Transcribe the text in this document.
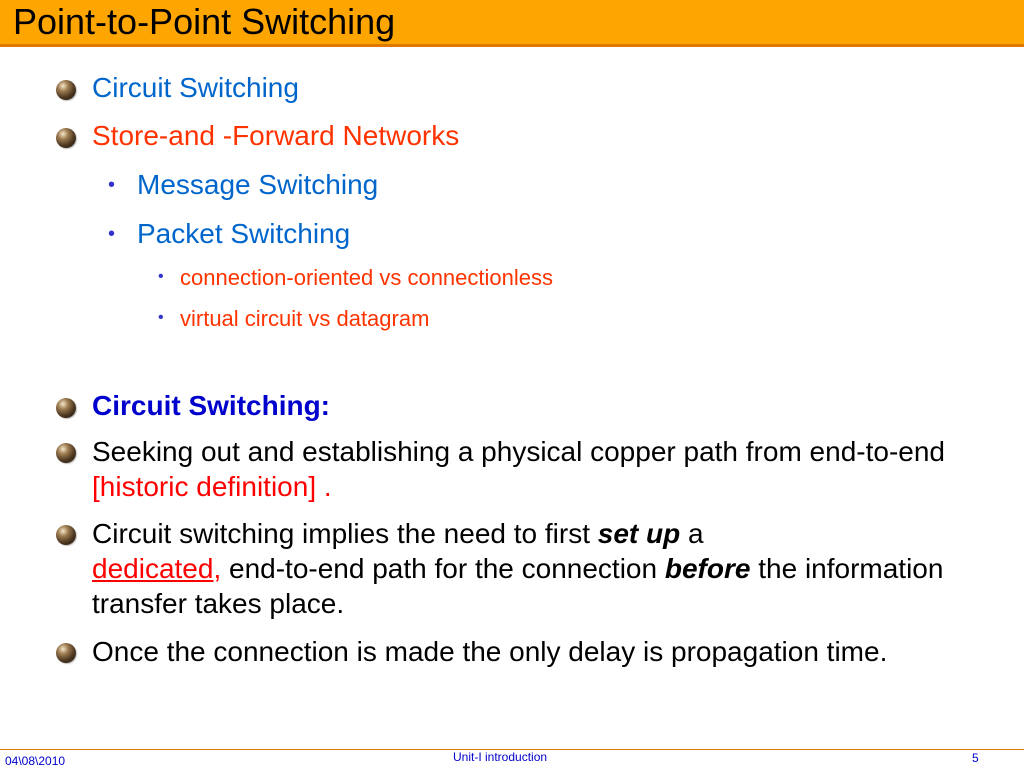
Point-to-Point Switching
Circuit Switching
Store-and -Forward Networks
• Message Switching
• Packet Switching
• connection-oriented vs connectionless
• virtual circuit vs datagram
Circuit Switching:
Seeking out and establishing a physical copper path from end-to-end [historic definition] .
Circuit switching implies the need to first set up a
dedicated, end-to-end path for the connection before the information transfer takes place.
Once the connection is made the only delay is propagation time.
04\08\2010	Unit-I introduction	5
